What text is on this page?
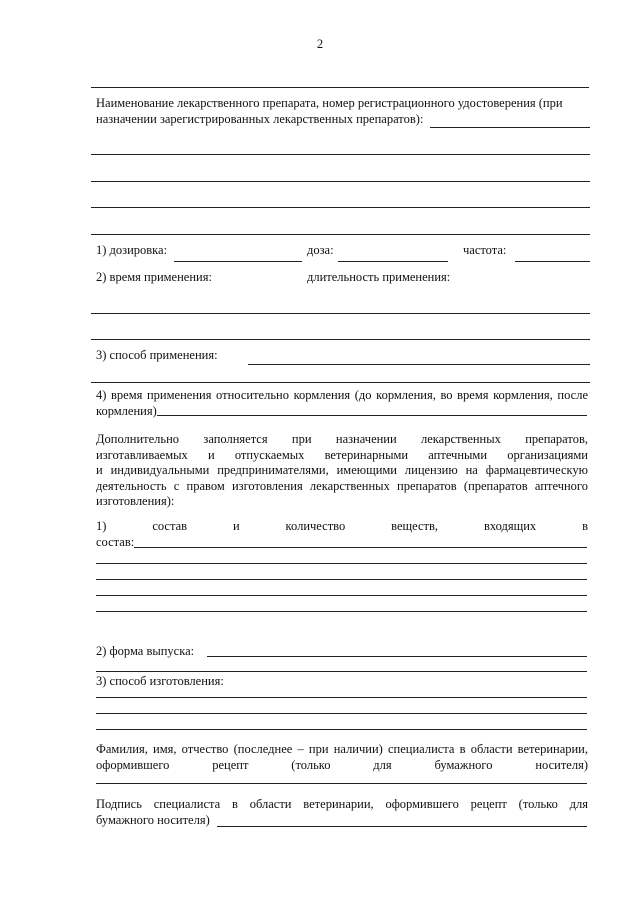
2
Наименование лекарственного препарата, номер регистрационного удостоверения (при
назначении зарегистрированных лекарственных препаратов):
1) дозировка:	доза:	частота:
2) время применения:	длительность применения:
3) способ применения:
4) время применения относительно кормления (до кормления, во время кормления, после
кормления)
Дополнительно заполняется при назначении лекарственных препаратов,
изготавливаемых и отпускаемых ветеринарными аптечными организациями
и индивидуальными предпринимателями, имеющими лицензию на фармацевтическую
деятельность с правом изготовления лекарственных препаратов (препаратов аптечного
изготовления):
1) состав и количество веществ, входящих в
состав:
2) форма выпуска:
3) способ изготовления:
Фамилия, имя, отчество (последнее – при наличии) специалиста в области ветеринарии,
оформившего рецепт (только для бумажного носителя)
Подпись специалиста в области ветеринарии, оформившего рецепт (только для
бумажного носителя)
